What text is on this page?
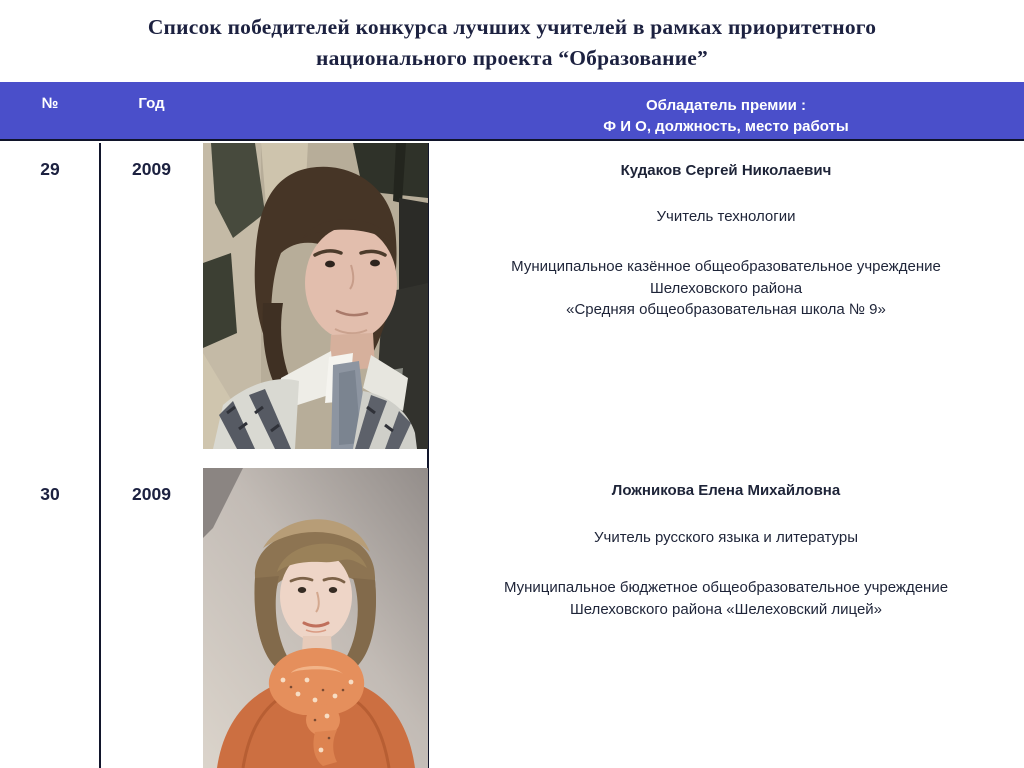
Список победителей конкурса лучших учителей в рамках приоритетного
национального проекта “Образование”
№	Год	Обладатель премии :
Ф И О, должность, место работы
29	2009	Кудаков Сергей Николаевич
Учитель технологии
Муниципальное казённое общеобразовательное учреждение
Шелеховского района
«Средняя общеобразовательная школа № 9»
30	2009	Ложникова Елена Михайловна
Учитель русского языка и литературы
Муниципальное бюджетное общеобразовательное учреждение
Шелеховского района «Шелеховский лицей»
